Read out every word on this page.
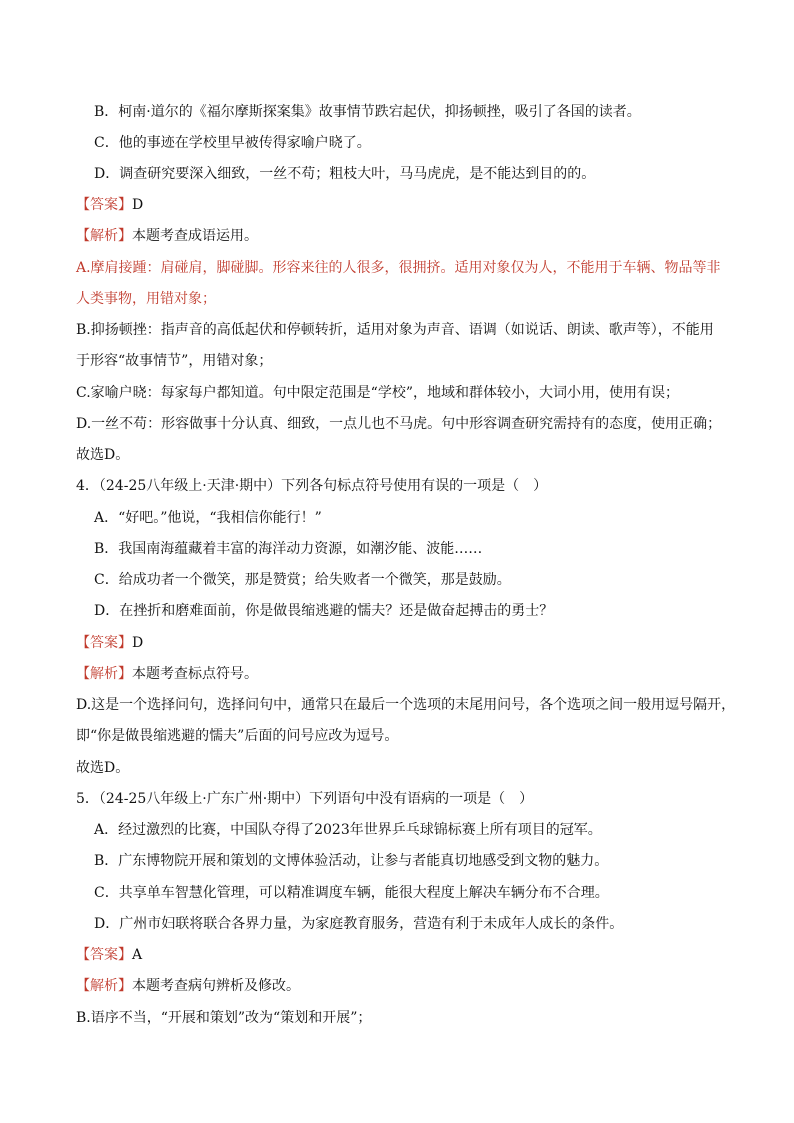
B．柯南·道尔的《福尔摩斯探案集》故事情节跌宕起伏，抑扬顿挫，吸引了各国的读者。
C．他的事迹在学校里早被传得家喻户晓了。
D．调查研究要深入细致，一丝不苟；粗枝大叶，马马虎虎，是不能达到目的的。
【答案】D
【解析】本题考查成语运用。
A.摩肩接踵：肩碰肩，脚碰脚。形容来往的人很多，很拥挤。适用对象仅为人，不能用于车辆、物品等非
人类事物，用错对象；
B.抑扬顿挫：指声音的高低起伏和停顿转折，适用对象为声音、语调（如说话、朗读、歌声等），不能用
于形容“故事情节”，用错对象；
C.家喻户晓：每家每户都知道。句中限定范围是“学校”，地域和群体较小，大词小用，使用有误；
D.一丝不苟：形容做事十分认真、细致，一点儿也不马虎。句中形容调查研究需持有的态度，使用正确；
故选D。
4．（24-25八年级上·天津·期中）下列各句标点符号使用有误的一项是（　）
A．“好吧。”他说，“我相信你能行！”
B．我国南海蕴藏着丰富的海洋动力资源，如潮汐能、波能……
C．给成功者一个微笑，那是赞赏；给失败者一个微笑，那是鼓励。
D．在挫折和磨难面前，你是做畏缩逃避的懦夫？还是做奋起搏击的勇士？
【答案】D
【解析】本题考查标点符号。
D.这是一个选择问句，选择问句中，通常只在最后一个选项的末尾用问号，各个选项之间一般用逗号隔开，
即“你是做畏缩逃避的懦夫”后面的问号应改为逗号。
故选D。
5．（24-25八年级上·广东广州·期中）下列语句中没有语病的一项是（　）
A．经过激烈的比赛，中国队夺得了2023年世界乒乓球锦标赛上所有项目的冠军。
B．广东博物院开展和策划的文博体验活动，让参与者能真切地感受到文物的魅力。
C．共享单车智慧化管理，可以精准调度车辆，能很大程度上解决车辆分布不合理。
D．广州市妇联将联合各界力量，为家庭教育服务，营造有利于未成年人成长的条件。
【答案】A
【解析】本题考查病句辨析及修改。
B.语序不当，“开展和策划”改为“策划和开展”；
